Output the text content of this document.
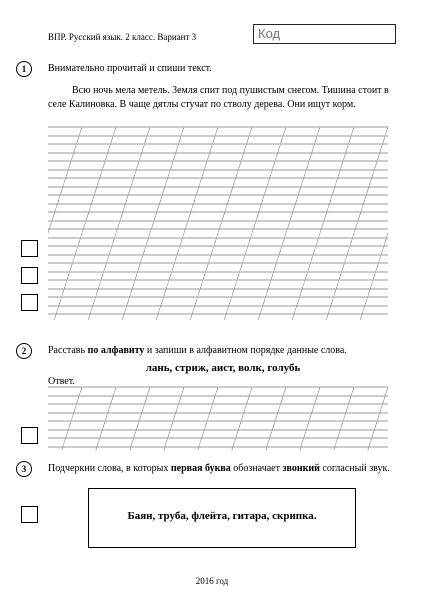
ВПР. Русский язык. 2 класс. Вариант 3	Код
1	Внимательно прочитай и спиши текст.
Всю ночь мела метель. Земля спит под пушистым снегом. Тишина стоит в селе Калиновка. В чаще дятлы стучат по стволу дерева. Они ищут корм.
2	Расставь по алфавиту и запиши в алфавитном порядке данные слова.
лань, стриж, аист, волк, голубь
Ответ.
3	Подчеркни слова, в которых первая буква обозначает звонкий согласный звук.
Баян, труба, флейта, гитара, скрипка.
2016 год
